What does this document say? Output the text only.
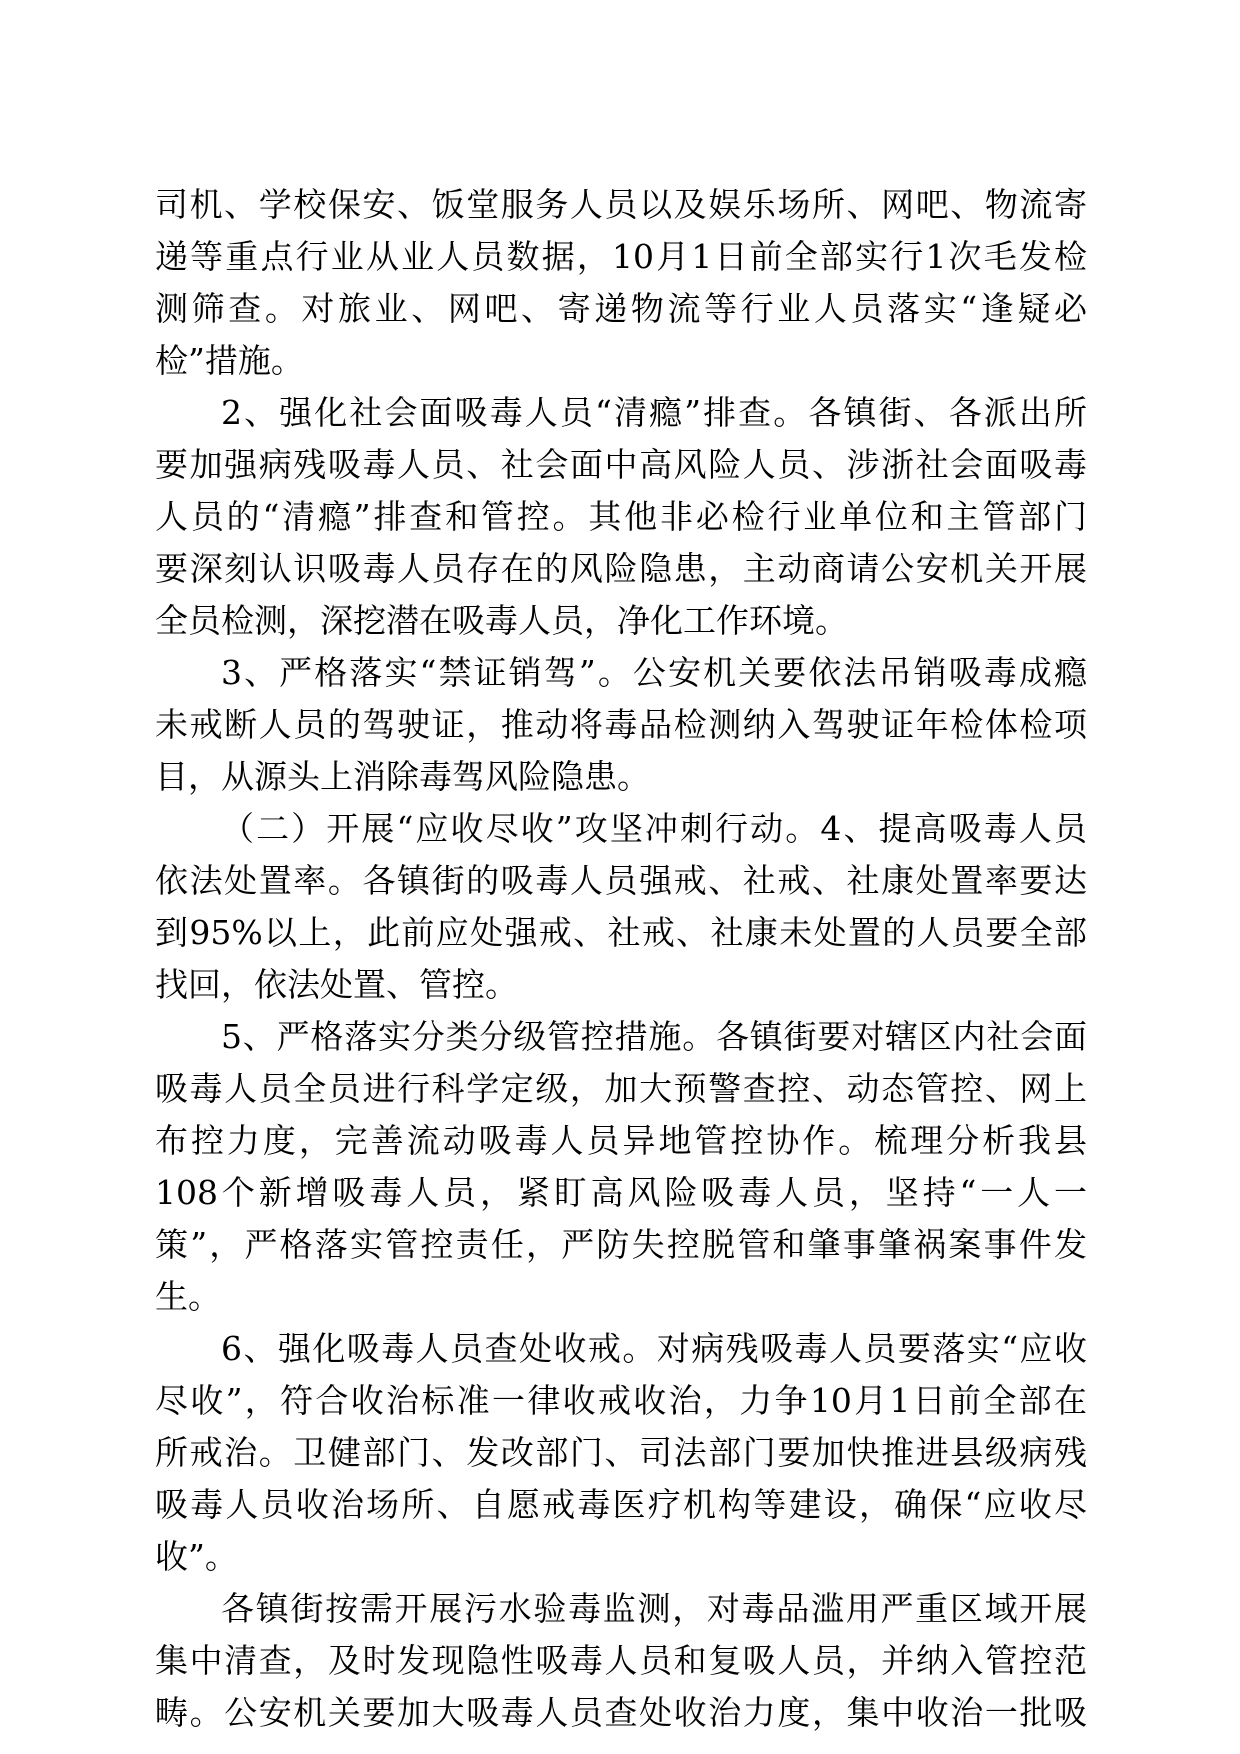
司机、学校保安、饭堂服务人员以及娱乐场所、网吧、物流寄
递等重点行业从业人员数据，10月1日前全部实行1次毛发检
测筛查。对旅业、网吧、寄递物流等行业人员落实“逢疑必
检”措施。
2、强化社会面吸毒人员“清瘾”排查。各镇街、各派出所
要加强病残吸毒人员、社会面中高风险人员、涉浙社会面吸毒
人员的“清瘾”排查和管控。其他非必检行业单位和主管部门
要深刻认识吸毒人员存在的风险隐患，主动商请公安机关开展
全员检测，深挖潜在吸毒人员，净化工作环境。
3、严格落实“禁证销驾”。公安机关要依法吊销吸毒成瘾
未戒断人员的驾驶证，推动将毒品检测纳入驾驶证年检体检项
目，从源头上消除毒驾风险隐患。
（二）开展“应收尽收”攻坚冲刺行动。4、提高吸毒人员
依法处置率。各镇街的吸毒人员强戒、社戒、社康处置率要达
到95%以上，此前应处强戒、社戒、社康未处置的人员要全部
找回，依法处置、管控。
5、严格落实分类分级管控措施。各镇街要对辖区内社会面
吸毒人员全员进行科学定级，加大预警查控、动态管控、网上
布控力度，完善流动吸毒人员异地管控协作。梳理分析我县
108个新增吸毒人员，紧盯高风险吸毒人员，坚持“一人一
策”，严格落实管控责任，严防失控脱管和肇事肇祸案事件发
生。
6、强化吸毒人员查处收戒。对病残吸毒人员要落实“应收
尽收”，符合收治标准一律收戒收治，力争10月1日前全部在
所戒治。卫健部门、发改部门、司法部门要加快推进县级病残
吸毒人员收治场所、自愿戒毒医疗机构等建设，确保“应收尽
收”。
各镇街按需开展污水验毒监测，对毒品滥用严重区域开展
集中清查，及时发现隐性吸毒人员和复吸人员，并纳入管控范
畴。公安机关要加大吸毒人员查处收治力度，集中收治一批吸
